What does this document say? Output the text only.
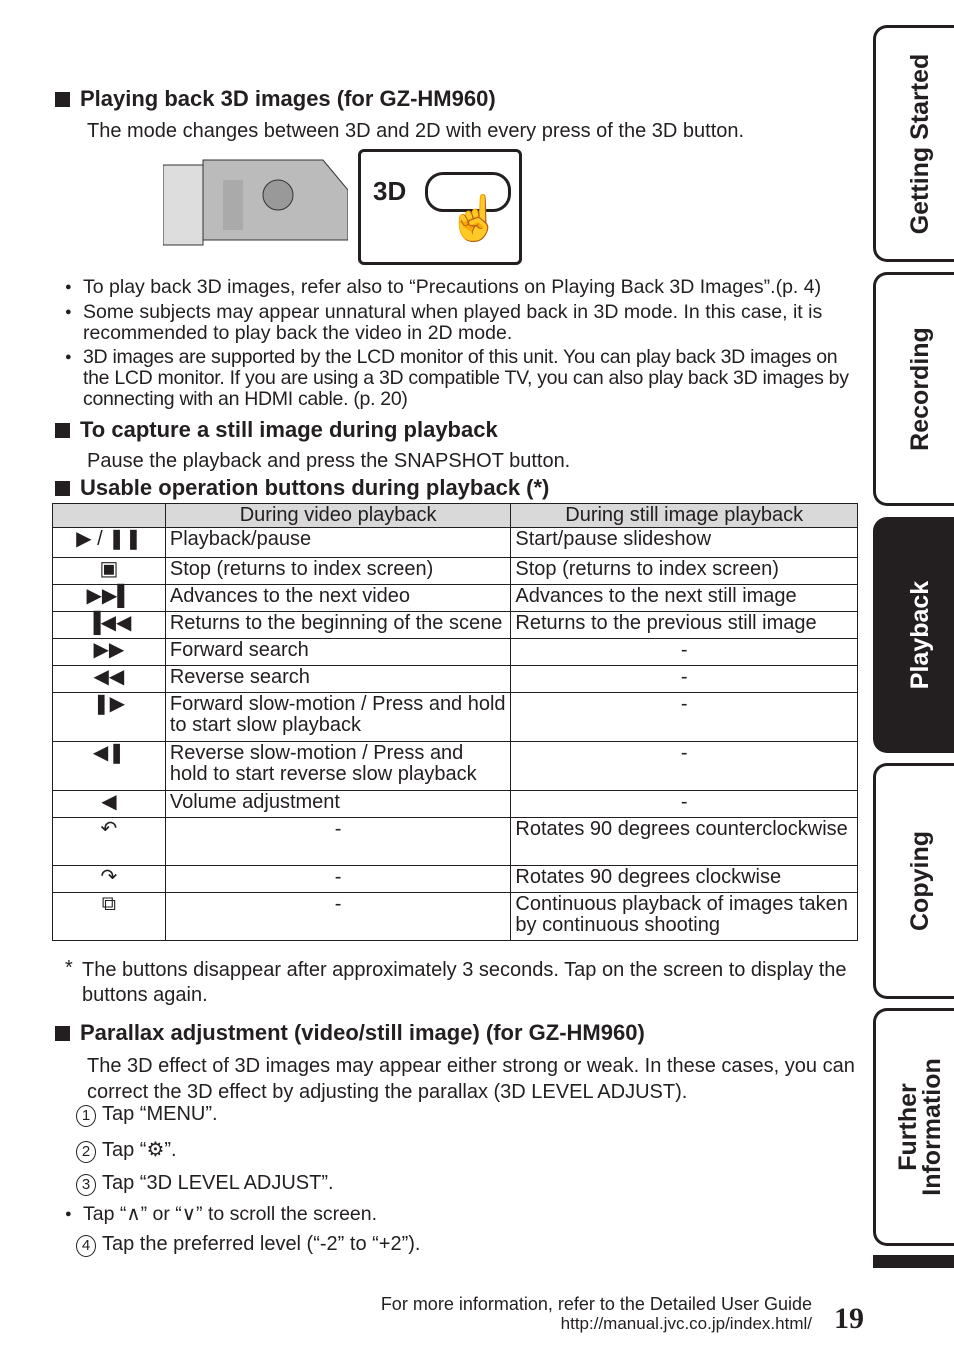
Playing back 3D images (for GZ-HM960)
The mode changes between 3D and 2D with every press of the 3D button.
3D
☝
● To play back 3D images, refer also to “Precautions on Playing Back 3D Images”.(p. 4)
● Some subjects may appear unnatural when played back in 3D mode. In this case, it is recommended to play back the video in 2D mode.
● 3D images are supported by the LCD monitor of this unit. You can play back 3D images on the LCD monitor. If you are using a 3D compatible TV, you can also play back 3D images by connecting with an HDMI cable. (p. 20)
To capture a still image during playback
Pause the playback and press the SNAPSHOT button.
Usable operation buttons during playback (*)
	During video playback	During still image playback
▶ / ❚❚	Playback/pause	Start/pause slideshow
▣	Stop (returns to index screen)	Stop (returns to index screen)
▶▶▌	Advances to the next video	Advances to the next still image
▐◀◀	Returns to the beginning of the scene	Returns to the previous still image
▶▶	Forward search	-
◀◀	Reverse search	-
❚▶	Forward slow-motion / Press and hold to start slow playback	-
◀❚	Reverse slow-motion / Press and hold to start reverse slow playback	-
◀	Volume adjustment	-
↶	-	Rotates 90 degrees counterclockwise
↷	-	Rotates 90 degrees clockwise
⧉	-	Continuous playback of images taken by continuous shooting
* The buttons disappear after approximately 3 seconds. Tap on the screen to display the buttons again.
Parallax adjustment (video/still image) (for GZ-HM960)
The 3D effect of 3D images may appear either strong or weak. In these cases, you can correct the 3D effect by adjusting the parallax (3D LEVEL ADJUST).
1 Tap “MENU”.
2 Tap “⚙”.
3 Tap “3D LEVEL ADJUST”.
● Tap “∧” or “∨” to scroll the screen.
4 Tap the preferred level (“-2” to “+2”).
Getting Started
Recording
Playback
Copying
Further Information
For more information, refer to the Detailed User Guide
http://manual.jvc.co.jp/index.html/ 19
